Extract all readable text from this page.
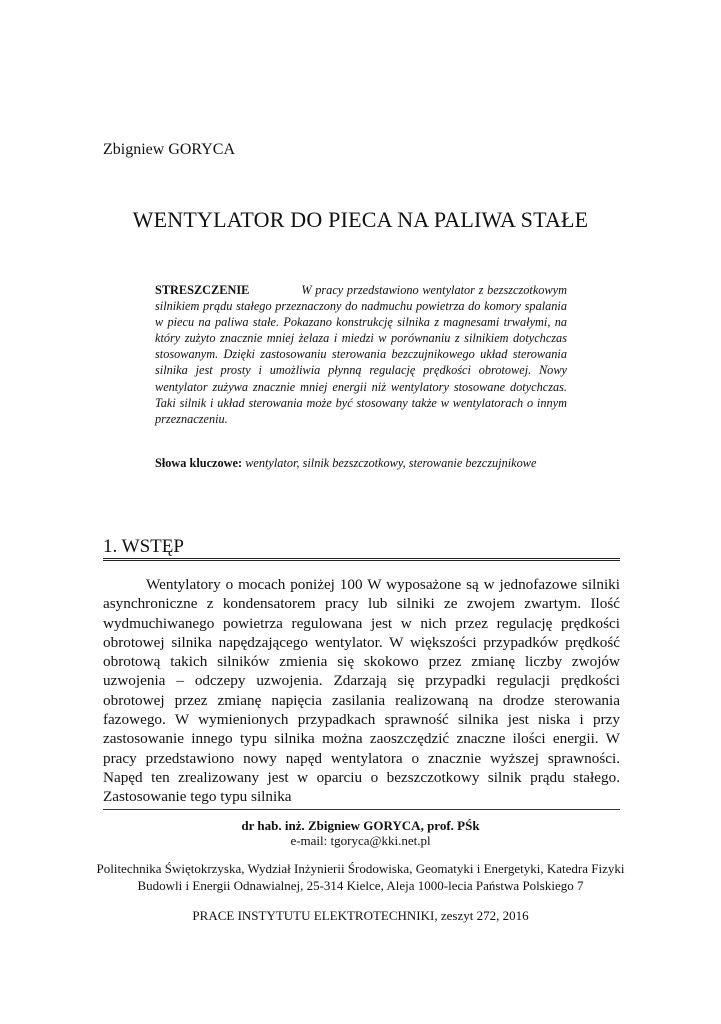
Zbigniew GORYCA
WENTYLATOR DO PIECA NA PALIWA STAŁE
STRESZCZENIE	W pracy przedstawiono wentylator z bezszczotkowym silnikiem prądu stałego przeznaczony do nadmuchu powietrza do komory spalania w piecu na paliwa stałe. Pokazano konstrukcję silnika z magnesami trwałymi, na który zużyto znacznie mniej żelaza i miedzi w porównaniu z silnikiem dotychczas stosowanym. Dzięki zastosowaniu sterowania bezczujnikowego układ sterowania silnika jest prosty i umożliwia płynną regulację prędkości obrotowej. Nowy wentylator zużywa znacznie mniej energii niż wentylatory stosowane dotychczas. Taki silnik i układ sterowania może być stosowany także w wentylatorach o innym przeznaczeniu.
Słowa kluczowe: wentylator, silnik bezszczotkowy, sterowanie bezczujnikowe
1. WSTĘP
Wentylatory o mocach poniżej 100 W wyposażone są w jednofazowe silniki asynchroniczne z kondensatorem pracy lub silniki ze zwojem zwartym. Ilość wydmuchiwanego powietrza regulowana jest w nich przez regulację prędkości obrotowej silnika napędzającego wentylator. W większości przypadków prędkość obrotową takich silników zmienia się skokowo przez zmianę liczby zwojów uzwojenia – odczepy uzwojenia. Zdarzają się przypadki regulacji prędkości obrotowej przez zmianę napięcia zasilania realizowaną na drodze sterowania fazowego. W wymienionych przypadkach sprawność silnika jest niska i przy zastosowanie innego typu silnika można zaoszczędzić znaczne ilości energii. W pracy przedstawiono nowy napęd wentylatora o znacznie wyższej sprawności. Napęd ten zrealizowany jest w oparciu o bezszczotkowy silnik prądu stałego. Zastosowanie tego typu silnika
dr hab. inż. Zbigniew GORYCA, prof. PŚk
e-mail: tgoryca@kki.net.pl
Politechnika Świętokrzyska, Wydział Inżynierii Środowiska, Geomatyki i Energetyki, Katedra Fizyki Budowli i Energii Odnawialnej, 25-314 Kielce, Aleja 1000-lecia Państwa Polskiego 7
PRACE INSTYTUTU ELEKTROTECHNIKI, zeszyt 272, 2016
